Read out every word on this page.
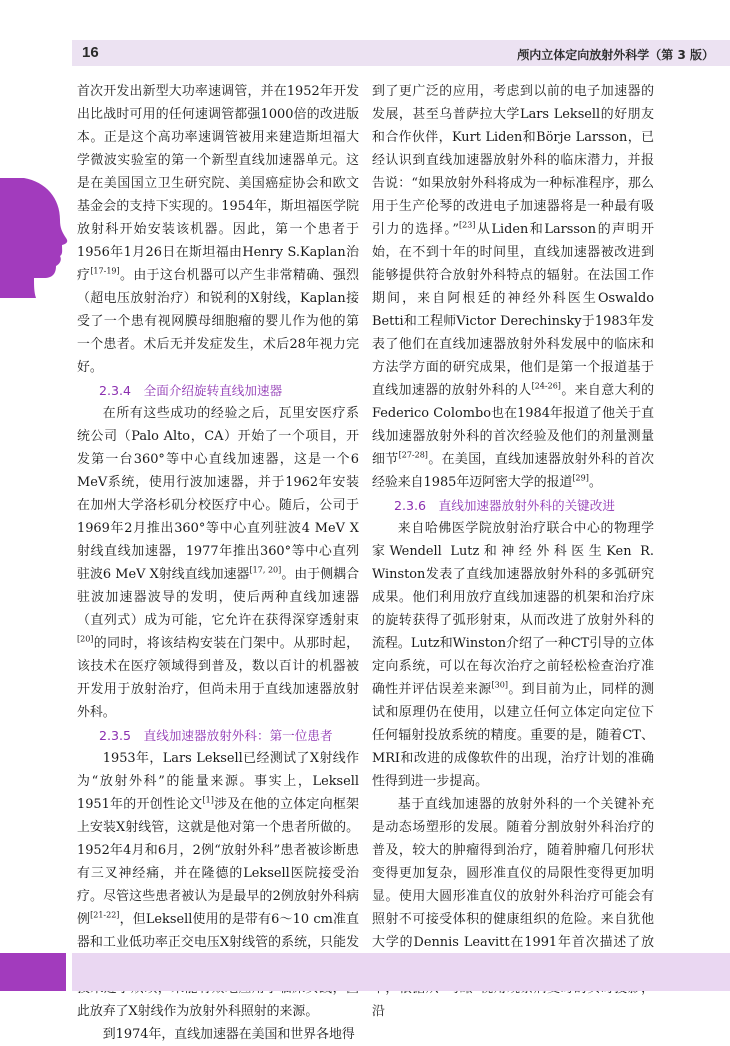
16	颅内立体定向放射外科学（第 3 版）

首次开发出新型大功率速调管，并在1952年开发出比战时可用的任何速调管都强1000倍的改进版本。正是这个高功率速调管被用来建造斯坦福大学微波实验室的第一个新型直线加速器单元。这是在美国国立卫生研究院、美国癌症协会和欧文基金会的支持下实现的。1954年，斯坦福医学院放射科开始安装该机器。因此，第一个患者于1956年1月26日在斯坦福由Henry S.Kaplan治疗[17-19]。由于这台机器可以产生非常精确、强烈（超电压放射治疗）和锐利的X射线，Kaplan接受了一个患有视网膜母细胞瘤的婴儿作为他的第一个患者。术后无并发症发生，术后28年视力完好。

2.3.4　全面介绍旋转直线加速器

在所有这些成功的经验之后，瓦里安医疗系统公司（Palo Alto，CA）开始了一个项目，开发第一台360°等中心直线加速器，这是一个6 MeV系统，使用行波加速器，并于1962年安装在加州大学洛杉矶分校医疗中心。随后，公司于1969年2月推出360°等中心直列驻波4 MeV X射线直线加速器，1977年推出360°等中心直列驻波6 MeV X射线直线加速器[17, 20]。由于侧耦合驻波加速器波导的发明，使后两种直线加速器（直列式）成为可能，它允许在获得深穿透射束[20]的同时，将该结构安装在门架中。从那时起，该技术在医疗领域得到普及，数以百计的机器被开发用于放射治疗，但尚未用于直线加速器放射外科。

2.3.5　直线加速器放射外科：第一位患者

1953年，Lars Leksell已经测试了X射线作为“放射外科”的能量来源。事实上，Leksell 1951年的开创性论文[1]涉及在他的立体定向框架上安装X射线管，这就是他对第一个患者所做的。1952年4月和6月，2例“放射外科”患者被诊断患有三叉神经痛，并在隆德的Leksell医院接受治疗。尽管这些患者被认为是最早的2例放射外科病例[21-22]，但Leksell使用的是带有6～10 cm准直器和工业低功率正交电压X射线管的系统，只能发 此放弃了X射线作为放射外科照射的来源。

到1974年，直线加速器在美国和世界各地得

到了更广泛的应用，考虑到以前的电子加速器的发展，甚至乌普萨拉大学Lars Leksell的好朋友和合作伙伴，Kurt Liden和Börje Larsson，已经认识到直线加速器放射外科的临床潜力，并报告说：“如果放射外科将成为一种标准程序，那么用于生产伦琴的改进电子加速器将是一种最有吸引力的选择。”[23]从Liden和Larsson的声明开始，在不到十年的时间里，直线加速器被改进到能够提供符合放射外科特点的辐射。在法国工作期间，来自阿根廷的神经外科医生Oswaldo Betti和工程师Victor Derechinsky于1983年发表了他们在直线加速器放射外科发展中的临床和方法学方面的研究成果，他们是第一个报道基于直线加速器的放射外科的人[24-26]。来自意大利的Federico Colombo也在1984年报道了他关于直线加速器放射外科的首次经验及他们的剂量测量细节[27-28]。在美国，直线加速器放射外科的首次经验来自1985年迈阿密大学的报道[29]。

2.3.6　直线加速器放射外科的关键改进

来自哈佛医学院放射治疗联合中心的物理学家Wendell Lutz和神经外科医生Ken R. Winston发表了直线加速器放射外科的多弧研究成果。他们利用放疗直线加速器的机架和治疗床的旋转获得了弧形射束，从而改进了放射外科的流程。Lutz和Winston介绍了一种CT引导的立体定向系统，可以在每次治疗之前轻松检查治疗准确性并评估误差来源[30]。到目前为止，同样的测试和原理仍在使用，以建立任何立体定向定位下任何辐射投放系统的精度。重要的是，随着CT、MRI和改进的成像软件的出现，治疗计划的准确性得到进一步提高。

基于直线加速器的放射外科的一个关键补充是动态场塑形的发展。随着分割放射外科治疗的普及，较大的肿瘤得到治疗，随着肿瘤几何形状变得更加复杂，圆形准直仪的局限性变得更加明显。使用大圆形准直仪的放射外科治疗可能会有照射不可接受体积的健康组织的危险。来自犹他大学的Dennis Leavitt在1991年首次描述了放 沿
